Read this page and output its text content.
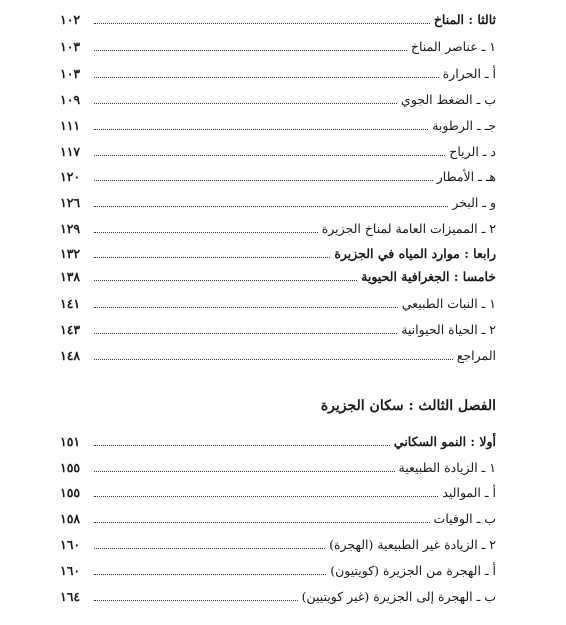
ثالثا : المناخ
١٠٢
١ ـ عناصر المناخ
١٠٣
أ ـ الحرارة
١٠٣
ب ـ الضغط الجوي
١٠٩
جـ ـ الرطوبة
١١١
د ـ الرياح
١١٧
هـ ـ الأمطار
١٢٠
و ـ البخر
١٢٦
٢ ـ المميزات العامة لمناخ الجزيرة
١٢٩
رابعا : موارد المياه في الجزيرة
١٣٢
خامسا : الجغرافية الحيوية
١٣٨
١ ـ النبات الطبيعي
١٤١
٢ ـ الحياة الحيوانية
١٤٣
المراجع
١٤٨
الفصل الثالث : سكان الجزيرة
أولا : النمو السكاني
١٥١
١ ـ الزيادة الطبيعية
١٥٥
أ ـ المواليد
١٥٥
ب ـ الوفيات
١٥٨
٢ ـ الزيادة غير الطبيعية (الهجرة)
١٦٠
أ ـ الهجرة من الجزيرة (كويتيون)
١٦٠
ب ـ الهجرة إلى الجزيرة (غير كويتيين)
١٦٤
